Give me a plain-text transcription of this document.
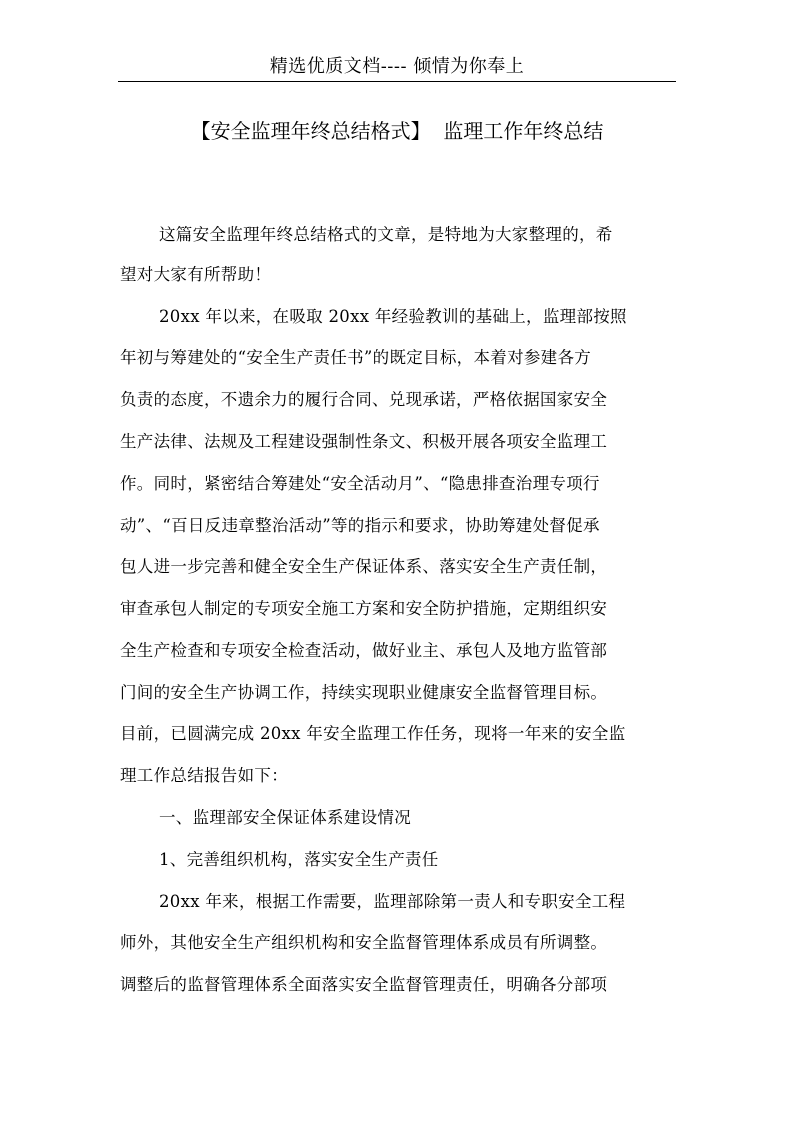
精选优质文档---- 倾情为你奉上
【安全监理年终总结格式】  监理工作年终总结
这篇安全监理年终总结格式的文章，是特地为大家整理的，希
望对大家有所帮助！
20xx 年以来，在吸取 20xx 年经验教训的基础上，监理部按照
年初与筹建处的“安全生产责任书”的既定目标，本着对参建各方
负责的态度，不遗余力的履行合同、兑现承诺，严格依据国家安全
生产法律、法规及工程建设强制性条文、积极开展各项安全监理工
作。同时，紧密结合筹建处“安全活动月”、“隐患排查治理专项行
动”、“百日反违章整治活动”等的指示和要求，协助筹建处督促承
包人进一步完善和健全安全生产保证体系、落实安全生产责任制，
审查承包人制定的专项安全施工方案和安全防护措施，定期组织安
全生产检查和专项安全检查活动，做好业主、承包人及地方监管部
门间的安全生产协调工作，持续实现职业健康安全监督管理目标。
目前，已圆满完成 20xx 年安全监理工作任务，现将一年来的安全监
理工作总结报告如下：
一、监理部安全保证体系建设情况
1、完善组织机构，落实安全生产责任
20xx 年来，根据工作需要，监理部除第一责人和专职安全工程
师外，其他安全生产组织机构和安全监督管理体系成员有所调整。
调整后的监督管理体系全面落实安全监督管理责任，明确各分部项
